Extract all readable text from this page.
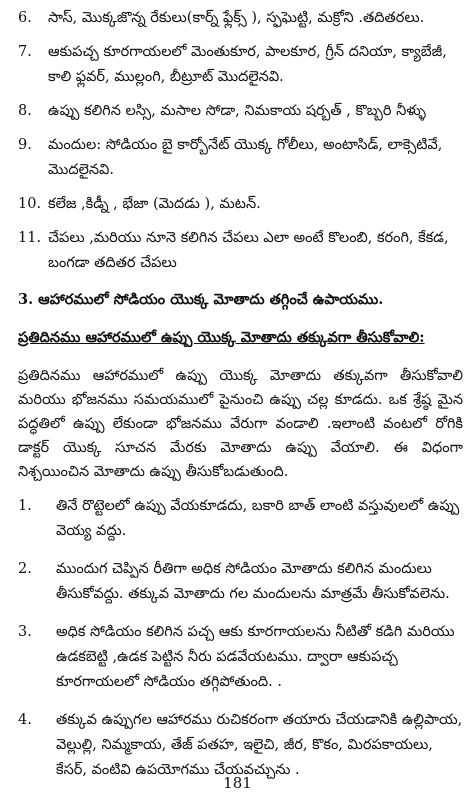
6.	సాస్, మొక్కజొన్న రేకులు(కార్న్ ఫ్లేక్స్ ), స్ఫఘెట్టి, మక్రోని .తదితరలు.
7.	ఆకుపచ్చ కూరగాయలలో మెంతుకూర, పాలకూర, గ్రీన్ దనియా, క్యాబేజీ, కాలి ఫ్లవర్, ముల్లంగి, బీట్రూట్ మొదలైనవి.
8.	ఉప్పు కలిగిన లస్సి, మసాల సోడా, నిమకాయ షర్బత్ , కొబ్బరి నీళ్ళు
9.	మందుల: సోడియం బై కార్బోనేట్ యొక్క గోలీలు, అంటాసిడ్, లాక్సెటివే, మొదలైనవి.
10. కలేజ ,కిడ్నీ , భేజా (మెదడు ), మటన్.
11. చేపలు ,మరియు నూనె కలిగిన చేపలు ఎలా అంటే కొలంబి, కరంగి, కేకడ, బంగడా తదితర చేపలు
3. ఆహారములో సోడియం యొక్క మోతాదు తగ్గించే ఉపాయము.
ప్రతిదినము ఆహారములో ఉప్పు యొక్క మోతాదు తక్కువగా తీసుకోవాలి:

ప్రతిదినము ఆహారములో ఉప్పు యొక్క మోతాదు తక్కువగా తీసుకోవాలి మరియు భోజనము సమయములో పైనుంచి ఉప్పు చల్ల కూడదు. ఒక శ్రేష్ఠ మైన పద్ధతిలో ఉప్పు లేకుండా భోజనము వేరుగా వండాలి .ఇలాంటి వంటలో రోగికి డాక్టర్ యొక్క సూచన మేరకు మోతాదు ఉప్పు వేయాలి. ఈ విధంగా నిశ్చయించిన మోతాదు ఉప్పు తీసుకోబడుతుంది.

1.	తినే రొట్టెలలో ఉప్పు వేయకూడదు, బకారి బాత్ లాంటి వస్తువులలో ఉప్పు వెయ్య వద్దు.
2.	ముందుగ చెప్పిన రీతిగా అధిక సోడియం మోతాదు కలిగిన మందులు తీసుకోవద్దు. తక్కువ మోతాదు గల మందులను మాత్రమే తీసుకోవలెను.
3.	అధిక సోడియం కలిగిన పచ్చ ఆకు కూరగాయలను నీటితో కడిగి మరియు ఉడకబెట్టి ,ఉడక పెట్టిన నీరు పడవేయటము. ద్వారా ఆకుపచ్చ కూరగాయలలో సోడియం తగ్గిపోతుంది. .
4.	తక్కువ ఉప్పుగల ఆహారము రుచికరంగా తయారు చేయడానికి ఉల్లిపాయ, వెల్లుల్లి, నిమ్మకాయ, తేజ్ పతహ, ఇలైచి, జీర, కొకం, మిరపకాయలు, కేసర్, వంటివి ఉపయోగము చేయవచ్చును .
181
